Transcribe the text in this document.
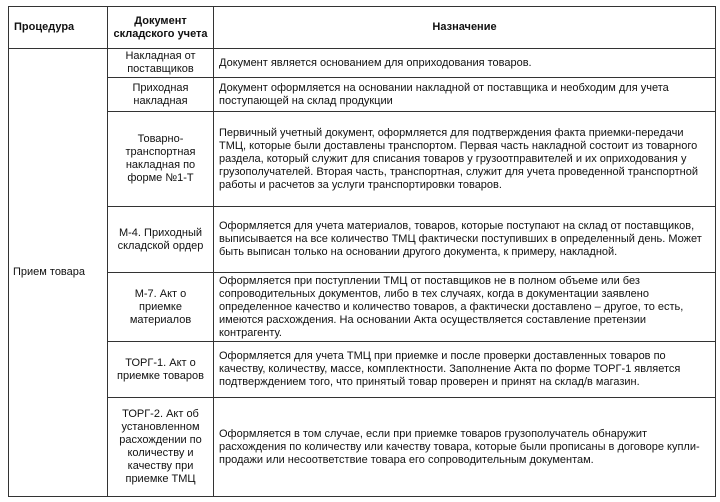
Процедура	Документ складского учета	Назначение
Прием товара	Накладная от поставщиков	Документ является основанием для оприходования товаров.
	Приходная накладная	Документ оформляется на основании накладной от поставщика и необходим для учета поступающей на склад продукции
	Товарно-транспортная накладная по форме №1-Т	Первичный учетный документ, оформляется для подтверждения факта приемки-передачи ТМЦ, которые были доставлены транспортом. Первая часть накладной состоит из товарного раздела, который служит для списания товаров у грузоотправителей и их оприходования у грузополучателей. Вторая часть, транспортная, служит для учета проведенной транспортной работы и расчетов за услуги транспортировки товаров.
	М-4. Приходный складской ордер	Оформляется для учета материалов, товаров, которые поступают на склад от поставщиков, выписывается на все количество ТМЦ фактически поступивших в определенный день. Может быть выписан только на основании другого документа, к примеру, накладной.
	М-7. Акт о приемке материалов	Оформляется при поступлении ТМЦ от поставщиков не в полном объеме или без сопроводительных документов, либо в тех случаях, когда в документации заявлено определенное качество и количество товаров, а фактически доставлено – другое, то есть, имеются расхождения. На основании Акта осуществляется составление претензии контрагенту.
	ТОРГ-1. Акт о приемке товаров	Оформляется для учета ТМЦ при приемке и после проверки доставленных товаров по качеству, количеству, массе, комплектности. Заполнение Акта по форме ТОРГ-1 является подтверждением того, что принятый товар проверен и принят на склад/в магазин.
	ТОРГ-2. Акт об установленном расхождении по количеству и качеству при приемке ТМЦ	Оформляется в том случае, если при приемке товаров грузополучатель обнаружит расхождения по количеству или качеству товара, которые были прописаны в договоре купли-продажи или несоответствие товара его сопроводительным документам.
